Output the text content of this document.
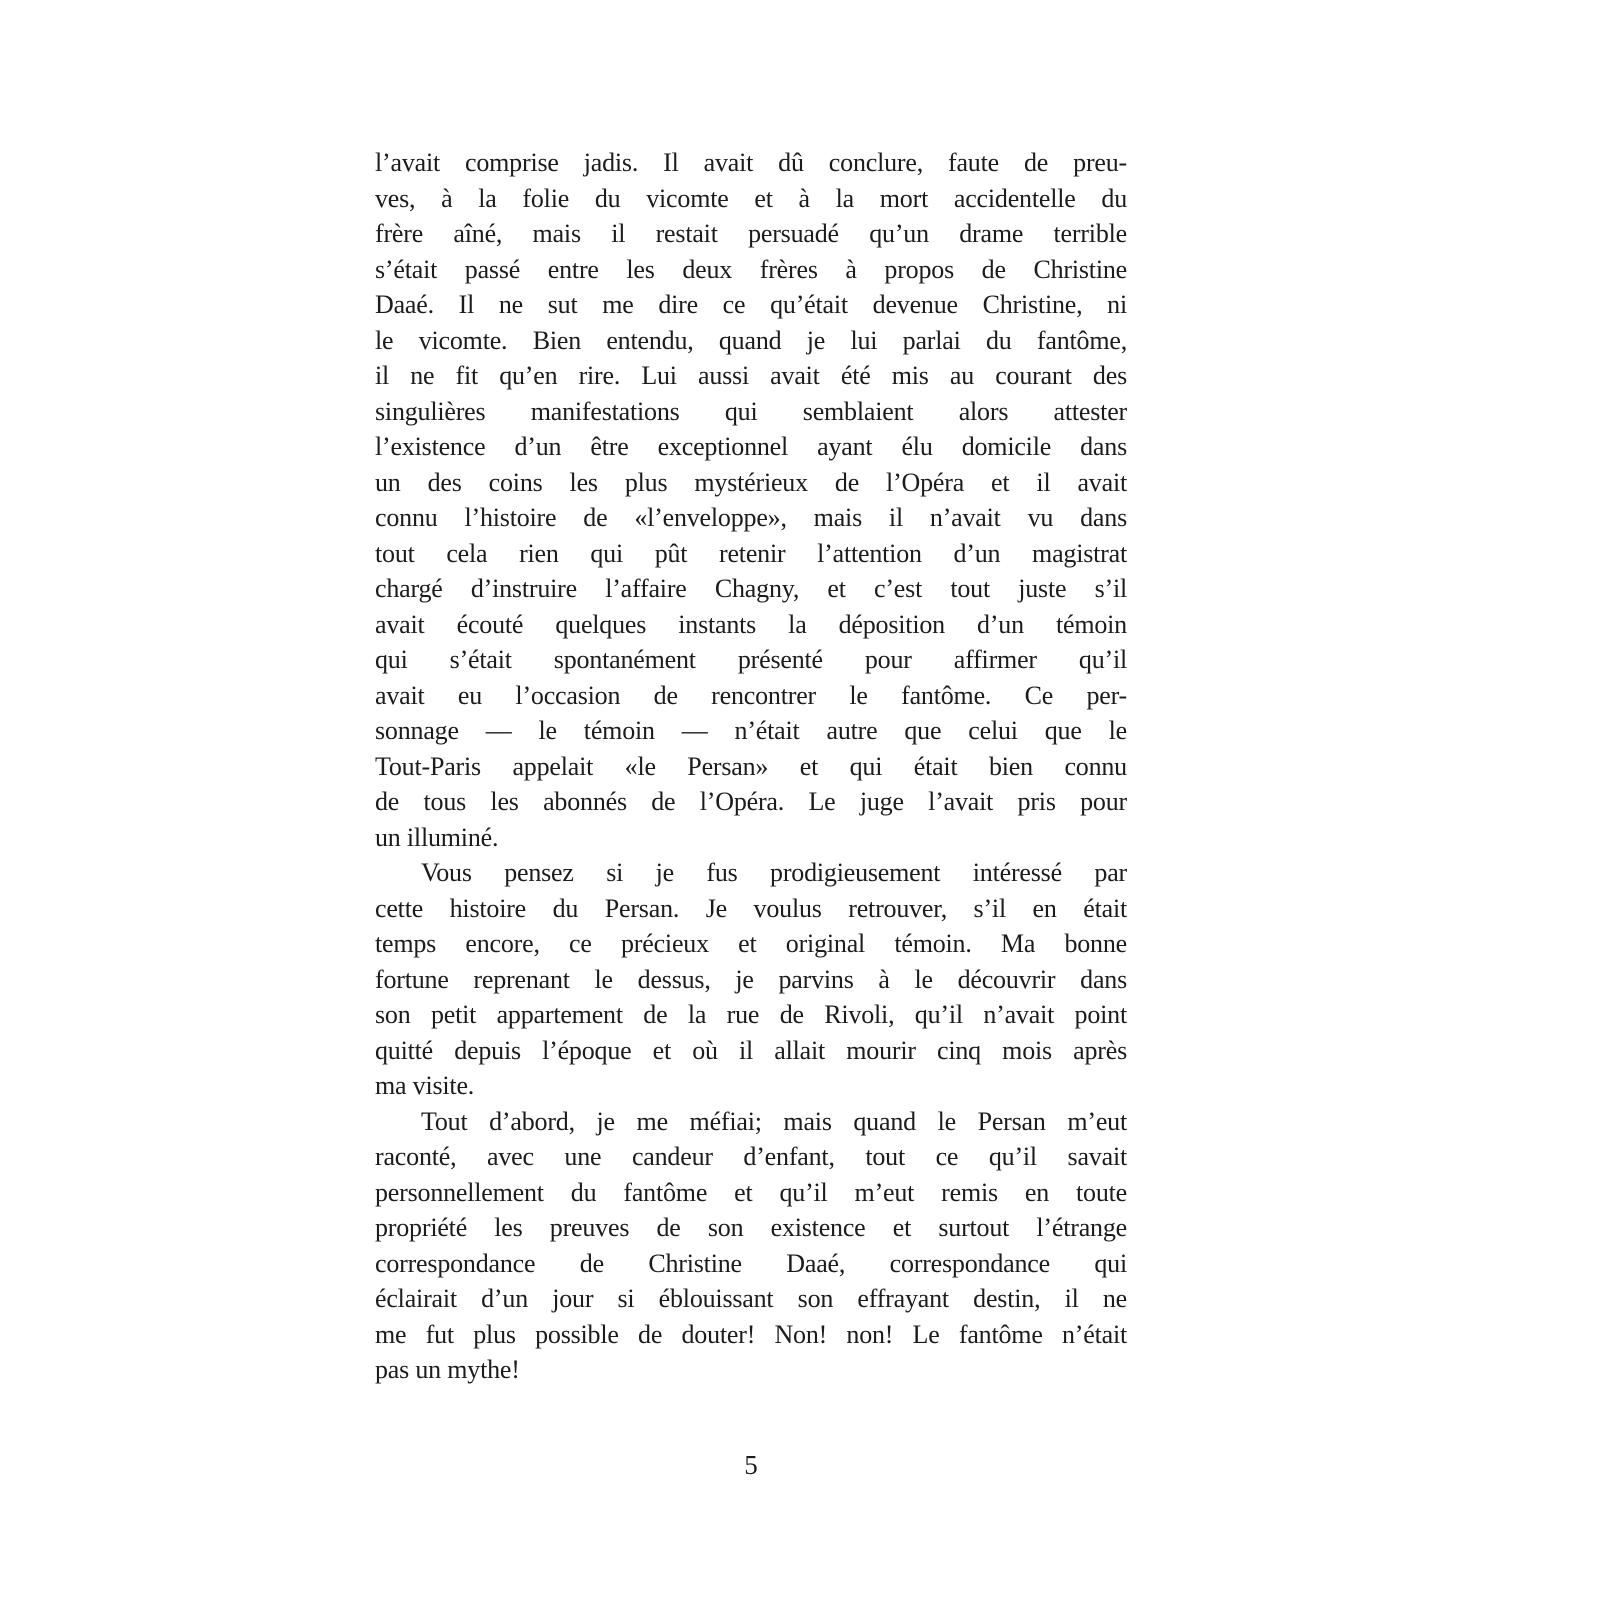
l’avait comprise jadis. Il avait dû conclure, faute de preu-
ves, à la folie du vicomte et à la mort accidentelle du
frère aîné, mais il restait persuadé qu’un drame terrible
s’était passé entre les deux frères à propos de Christine
Daaé. Il ne sut me dire ce qu’était devenue Christine, ni
le vicomte. Bien entendu, quand je lui parlai du fantôme,
il ne fit qu’en rire. Lui aussi avait été mis au courant des
singulières manifestations qui semblaient alors attester
l’existence d’un être exceptionnel ayant élu domicile dans
un des coins les plus mystérieux de l’Opéra et il avait
connu l’histoire de «l’enveloppe», mais il n’avait vu dans
tout cela rien qui pût retenir l’attention d’un magistrat
chargé d’instruire l’affaire Chagny, et c’est tout juste s’il
avait écouté quelques instants la déposition d’un témoin
qui s’était spontanément présenté pour affirmer qu’il
avait eu l’occasion de rencontrer le fantôme. Ce per-
sonnage — le témoin — n’était autre que celui que le
Tout-Paris appelait «le Persan» et qui était bien connu
de tous les abonnés de l’Opéra. Le juge l’avait pris pour
un illuminé.
Vous pensez si je fus prodigieusement intéressé par
cette histoire du Persan. Je voulus retrouver, s’il en était
temps encore, ce précieux et original témoin. Ma bonne
fortune reprenant le dessus, je parvins à le découvrir dans
son petit appartement de la rue de Rivoli, qu’il n’avait point
quitté depuis l’époque et où il allait mourir cinq mois après
ma visite.
Tout d’abord, je me méfiai; mais quand le Persan m’eut
raconté, avec une candeur d’enfant, tout ce qu’il savait
personnellement du fantôme et qu’il m’eut remis en toute
propriété les preuves de son existence et surtout l’étrange
correspondance de Christine Daaé, correspondance qui
éclairait d’un jour si éblouissant son effrayant destin, il ne
me fut plus possible de douter! Non! non! Le fantôme n’était
pas un mythe!
5
